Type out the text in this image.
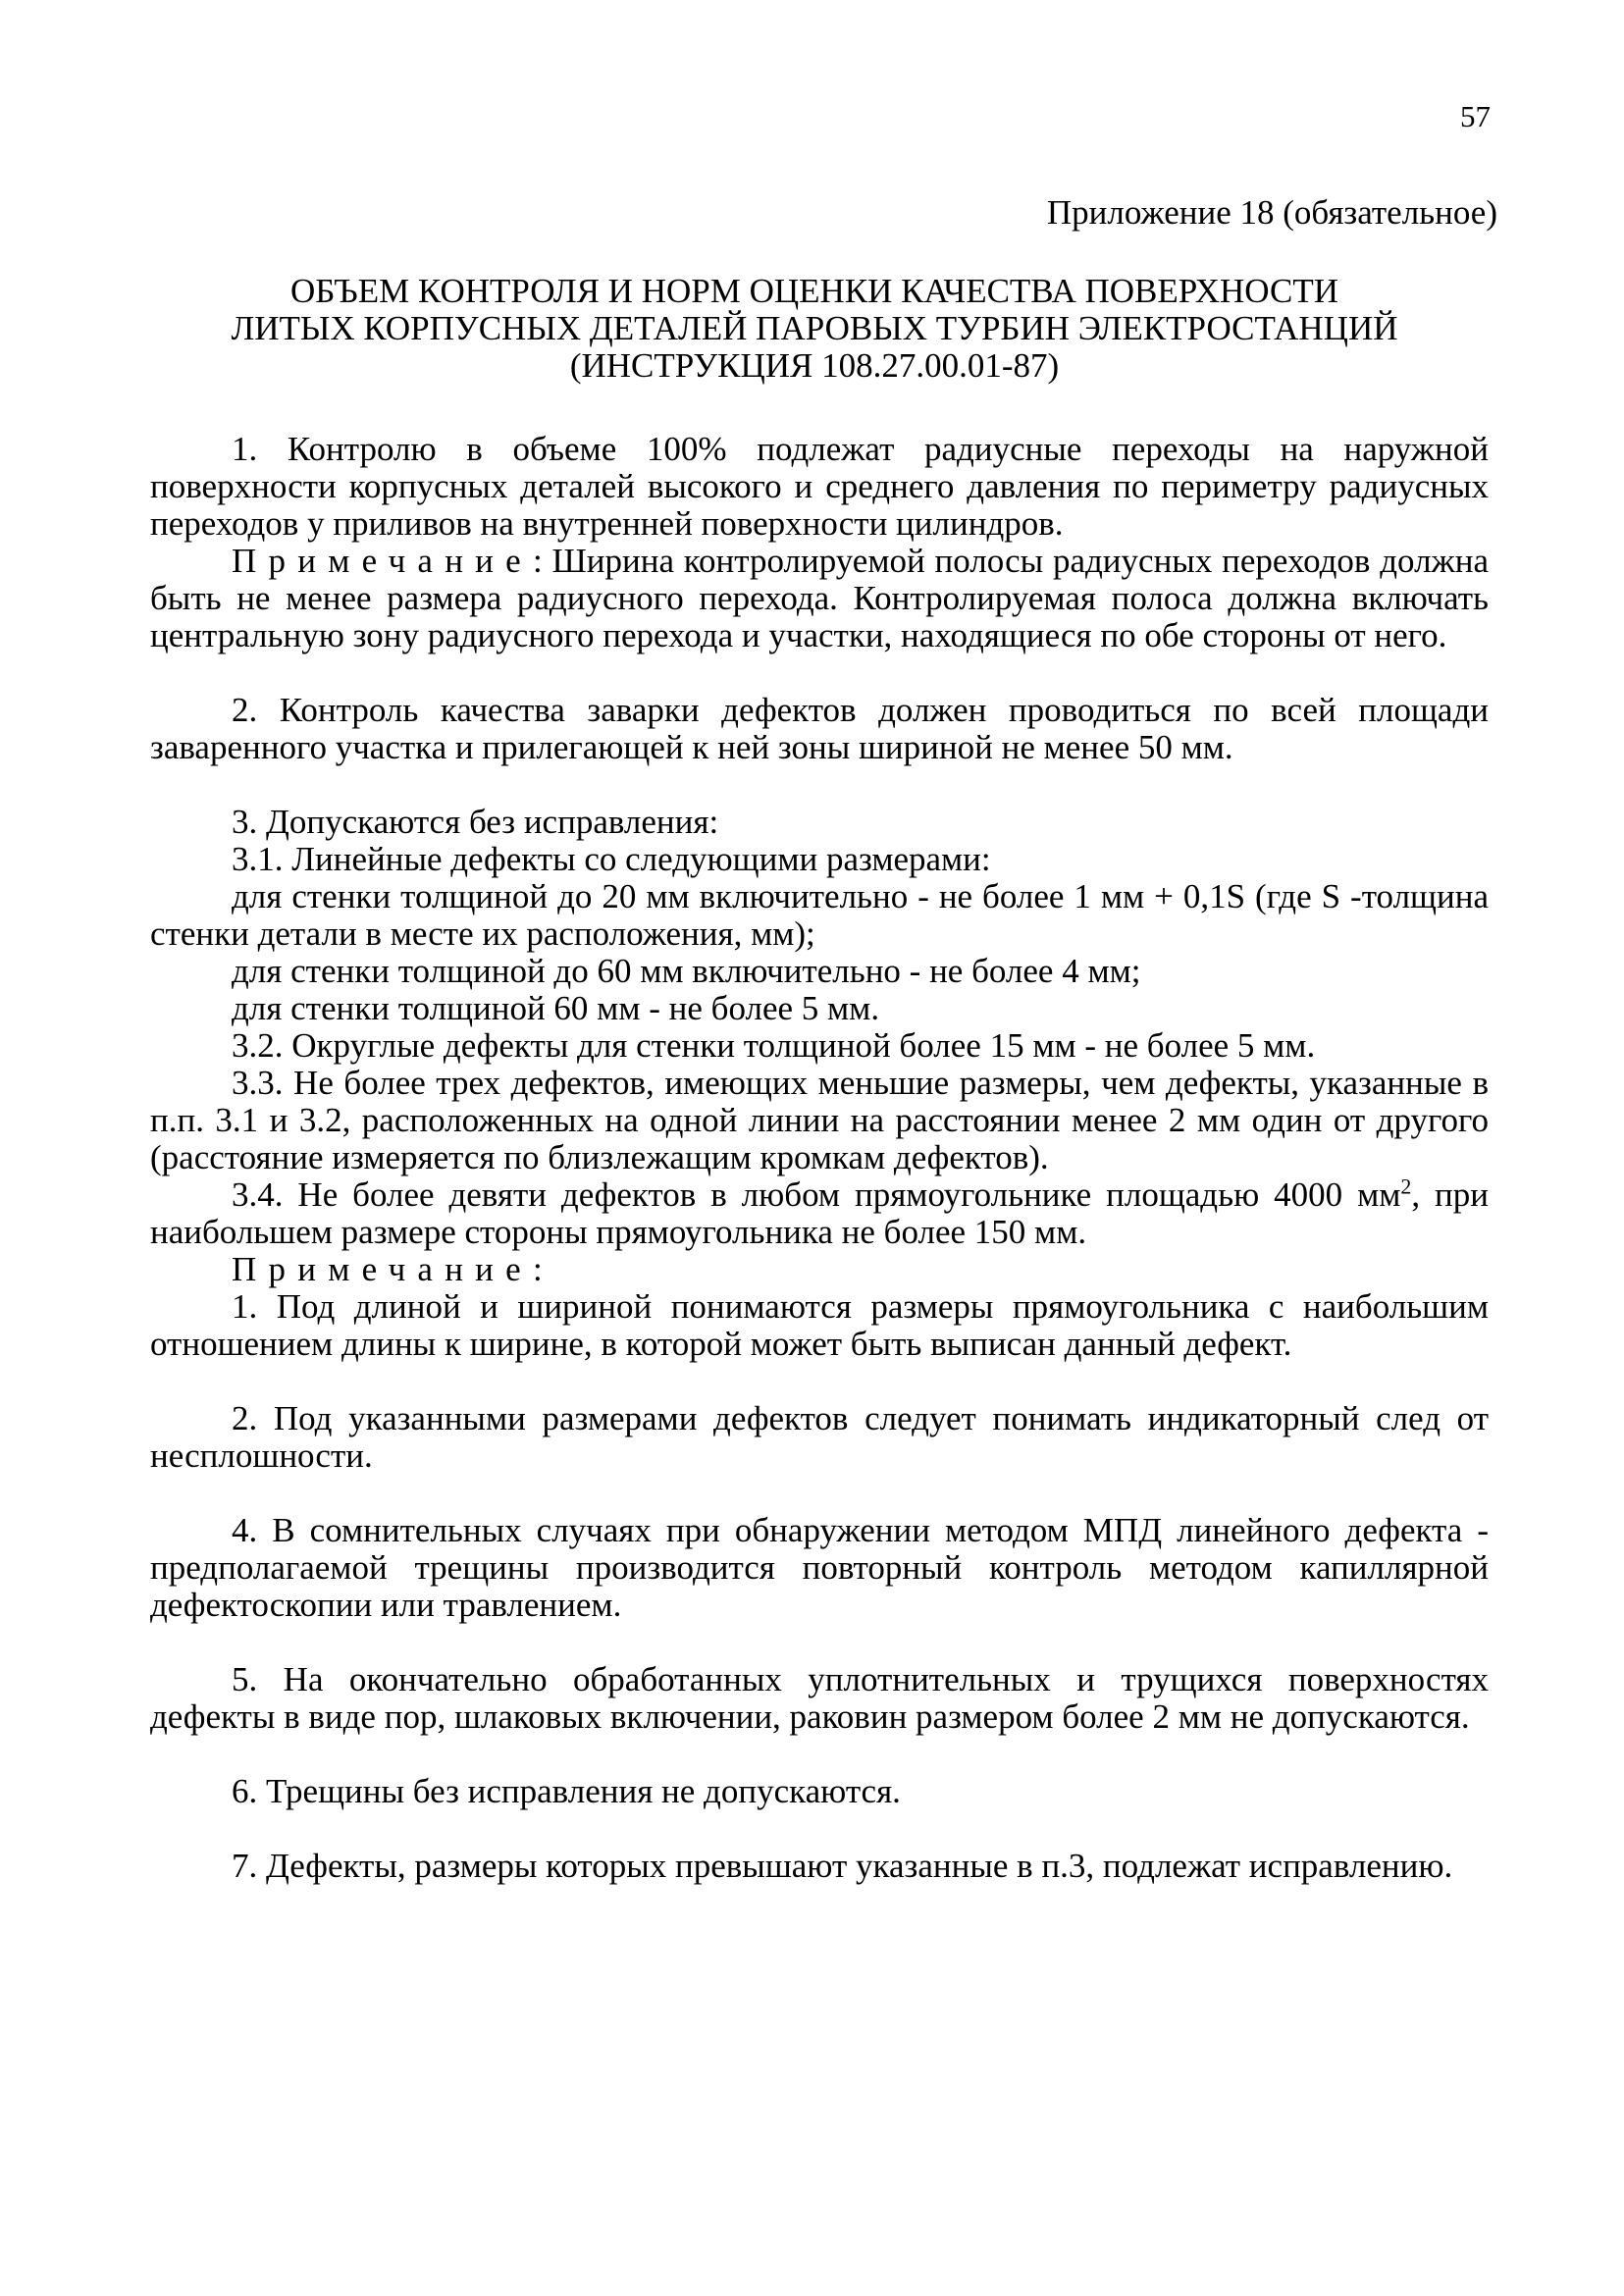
57
Приложение 18 (обязательное)
ОБЪЕМ КОНТРОЛЯ И НОРМ ОЦЕНКИ КАЧЕСТВА ПОВЕРХНОСТИ
ЛИТЫХ КОРПУСНЫХ ДЕТАЛЕЙ ПАРОВЫХ ТУРБИН ЭЛЕКТРОСТАНЦИЙ
(ИНСТРУКЦИЯ 108.27.00.01-87)

1. Контролю в объеме 100% подлежат радиусные переходы на наружной поверхности корпусных деталей высокого и среднего давления по периметру радиусных переходов у приливов на внутренней поверхности цилиндров.

Примечание: Ширина контролируемой полосы радиусных переходов должна быть не менее размера радиусного перехода. Контролируемая полоса должна включать центральную зону радиусного перехода и участки, находящиеся по обе стороны от него.

2. Контроль качества заварки дефектов должен проводиться по всей площади заваренного участка и прилегающей к ней зоны шириной не менее 50 мм.

3. Допускаются без исправления:

3.1. Линейные дефекты со следующими размерами:

для стенки толщиной до 20 мм включительно - не более 1 мм + 0,1S (где S -толщина стенки детали в месте их расположения, мм);

для стенки толщиной до 60 мм включительно - не более 4 мм;

для стенки толщиной 60 мм - не более 5 мм.

3.2. Округлые дефекты для стенки толщиной более 15 мм - не более 5 мм.

3.3. Не более трех дефектов, имеющих меньшие размеры, чем дефекты, указанные в п.п. 3.1 и 3.2, расположенных на одной линии на расстоянии менее 2 мм один от другого (расстояние измеряется по близлежащим кромкам дефектов).

3.4. Не более девяти дефектов в любом прямоугольнике площадью 4000 $мм^2$, при наибольшем размере стороны прямоугольника не более 150 мм.

Примечание:

1. Под длиной и шириной понимаются размеры прямоугольника с наибольшим отношением длины к ширине, в которой может быть выписан данный дефект.

2. Под указанными размерами дефектов следует понимать индикаторный след от несплошности.

4. В сомнительных случаях при обнаружении методом МПД линейного дефекта - предполагаемой трещины производится повторный контроль методом капиллярной дефектоскопии или травлением.

5. На окончательно обработанных уплотнительных и трущихся поверхностях дефекты в виде пор, шлаковых включении, раковин размером более 2 мм не допускаются.

6. Трещины без исправления не допускаются.

7. Дефекты, размеры которых превышают указанные в п.3, подлежат исправлению.
